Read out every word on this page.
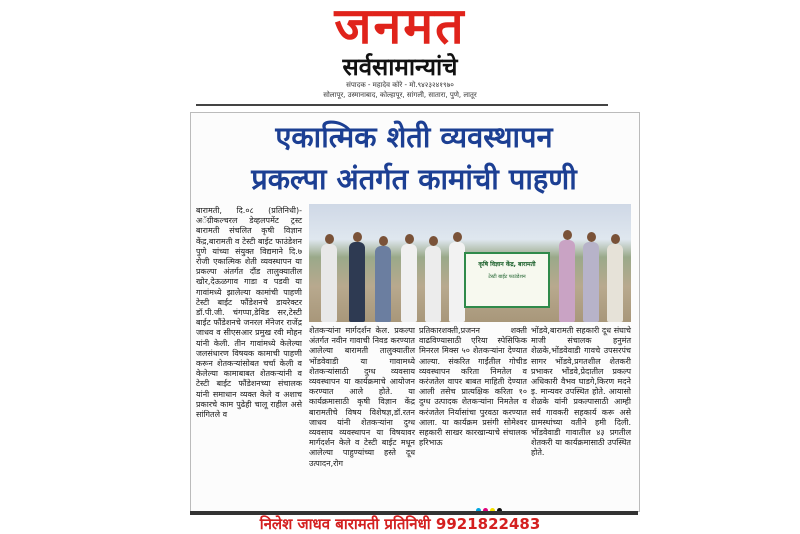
जनमत
सर्वसामान्यांचे
संपादक - महादेव कोरे - मो.९४२३२४१९७०
सोलापूर, उस्मानाबाद, कोल्हापूर, सांगली, सातारा, पुणे, लातूर
एकात्मिक शेती व्यवस्थापन
प्रकल्पा अंतर्गत कामांची पाहणी
बारामती, दि.०८ (प्रतिनिधी)- अॅग्रीकल्चरल डेव्हलपमेंट ट्रस्ट बारामती संचलित कृषी विज्ञान केंद्र,बारामती व टेस्टी बाईट फाउंडेशन पुणे यांच्या संयुक्त विद्यमाने दि.७ रोजी एकात्मिक शेती व्यवस्थापन या प्रकल्पा अंतर्गत दौंड तालुक्यातील खोर,देऊळगाव गाडा व पडवी या गावांमध्ये झालेल्या कामांची पाहणी टेस्टी बाईट फौंडेशनचे डायरेक्टर डॉ.पी.जी. चंगप्पा,डेविड सर,टेस्टी बाईट फौंडेशनचे जनरल मॅनेजर राजेंद्र जाधव व सीएसआर प्रमुख रवी मोहन यांनी केली. तीन गावांमध्ये केलेल्या जलसंधारण विषयक कामाची पाहणी करून शेतकऱ्यांसोबत चर्चा केली व केलेल्या कामाबाबत शेतकऱ्यांनी व टेस्टी बाईट फौंडेशनच्या संचालक यांनी समाधान व्यक्त केले व अशाच प्रकारचे काम पुढेही चालू राहील असे सांगितले व
कृषि विज्ञान केंद्र, बारामती
टेस्टी बाईट फाउंडेशन
शेतकऱ्यांना मार्गदर्शन केल. प्रकल्पा अंतर्गत नवीन गावाची निवड करण्यात आलेल्या बारामती तालुक्यातील भोंडवेवाडी या गावामध्ये शेतकऱ्यांसाठी दुग्ध व्यवसाय व्यवस्थापन या कार्यक्रमाचे आयोजन करण्यात आले होते. या कार्यक्रमासाठी कृषी विज्ञान केंद्र बारामतीचे विषय विशेषज्ञ,डॉ.रतन जाधव यांनी शेतकऱ्यांना दुग्ध व्यवसाय व्यवस्थापन या विषयावर मार्गदर्शन केले व टेस्टी बाईट मधून आलेल्या पाहुण्यांच्या हस्ते दूध उत्पादन,रोग
प्रतिकारशक्ती,प्रजनन शक्ती वाढविण्यासाठी एरिया स्पेसिफिक मिनरल मिक्स ५० शेतकऱ्यांना देण्यात आल्या. संकरित गाईंतील गोचीड व्यवस्थापन करिता निमतेल व करंजतेल वापर बाबत माहिती देण्यात आली तसेच प्रात्यक्षिक करिता १० दुग्ध उत्पादक शेतकऱ्यांना निमतेल व करंजतेल निर्यासांचा पुरवठा करण्यात आला. या कार्यक्रम प्रसंगी सोमेश्वर सहकारी साखर कारखान्याचे संचालक हरिभाऊ
भोंडवे,बारामती सहकारी दूध संघाचे माजी संचालक हनुमंत शेळके,भोंडवेवाडी गावचे उपसरपंच सागर भोंडवे,प्रगतशील शेतकरी प्रभाकर भोंडवे,प्रेदातील प्रकल्प अधिकारी वैभव घाडगे,किरण मदने इ. मान्यवर उपस्थित होते. आयासो शेळके यांनी प्रकल्पासाठी आम्ही सर्व गावकरी सहकार्य करू असे ग्रामस्थांच्या वतीने हमी दिली. भोंडवेवाडी गावातील ४३ प्रगतील शेतकरी या कार्यक्रमासाठी उपस्थित होते.
निलेश जाधव बारामती प्रतिनिधी 9921822483
